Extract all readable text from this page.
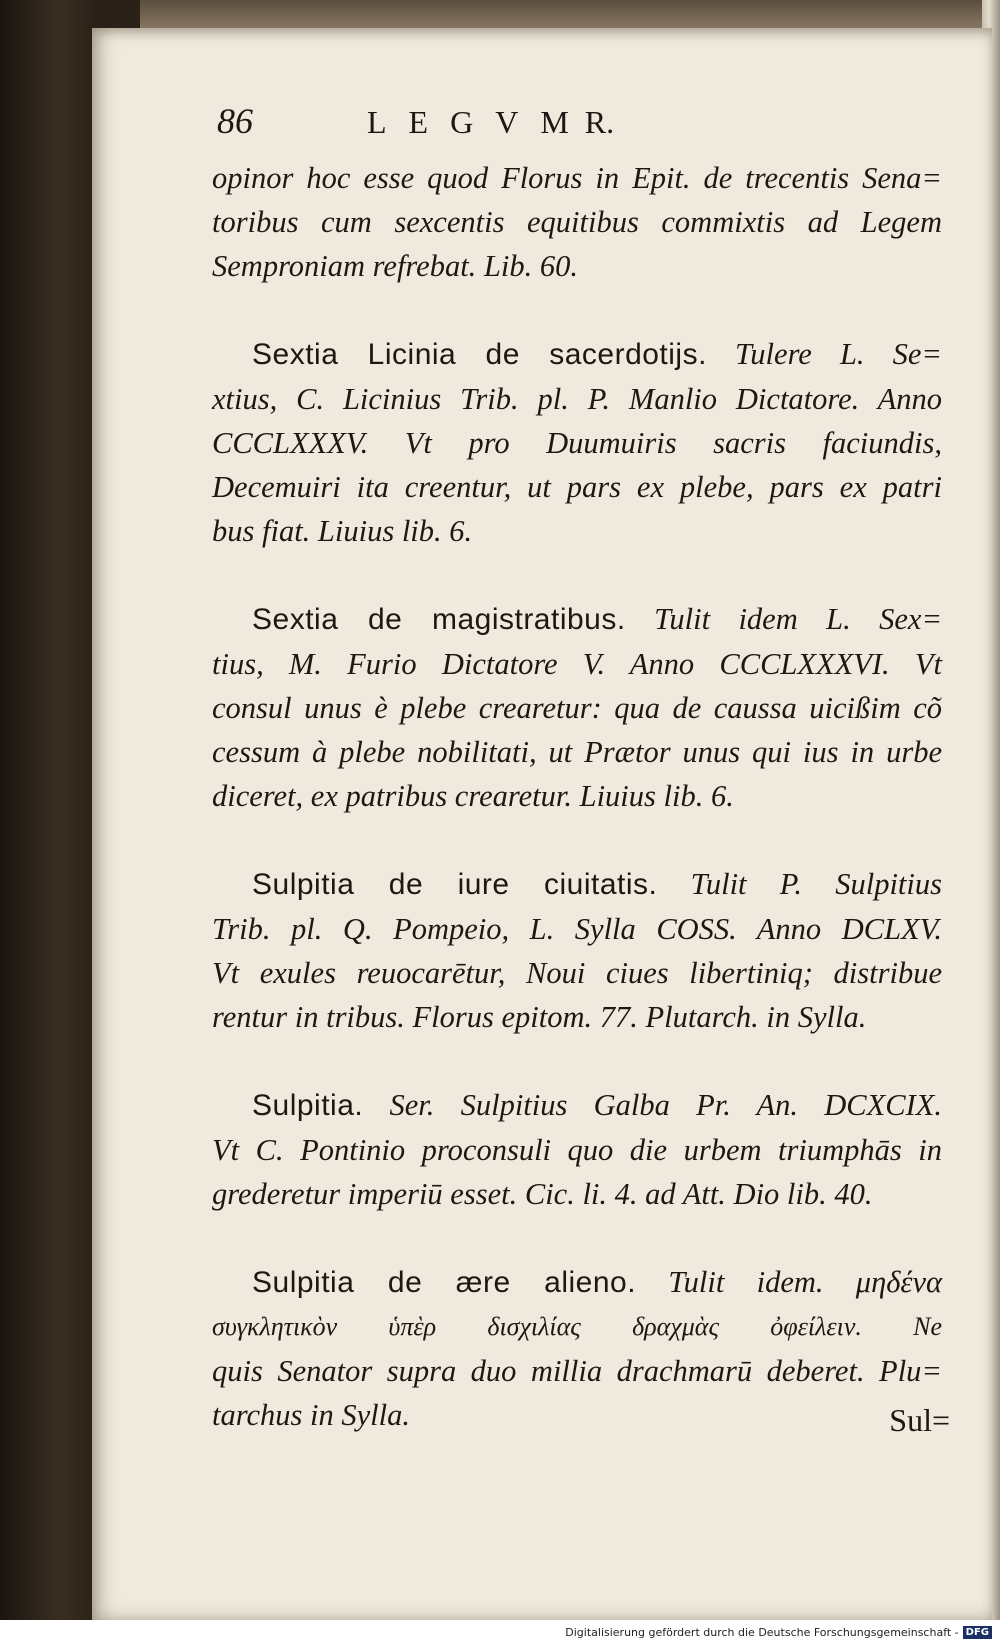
86	LEGVM
R.

opinor hoc esse quod Florus in Epit. de trecentis Sena=
toribus cum sexcentis equitibus commixtis ad Legem
Semproniam refrebat. Lib. 60.

Sextia Licinia de sacerdotijs. Tulere L. Se=
xtius, C. Licinius Trib. pl. P. Manlio Dictatore. Anno
CCCLXXXV. Vt pro Duumuiris sacris faciundis,
Decemuiri ita creentur, ut pars ex plebe, pars ex patri
bus fiat. Liuius lib. 6.

Sextia de magistratibus. Tulit idem L. Sex=
tius, M. Furio Dictatore V. Anno CCCLXXXVI. Vt
consul unus è plebe crearetur: qua de caussa uicißim cõ
cessum à plebe nobilitati, ut Prætor unus qui ius in urbe
diceret, ex patribus crearetur. Liuius lib. 6.

Sulpitia de iure ciuitatis. Tulit P. Sulpitius
Trib. pl. Q. Pompeio, L. Sylla COSS. Anno DCLXV.
Vt exules reuocarētur, Noui ciues libertiniq; distribue
rentur in tribus. Florus epitom. 77. Plutarch. in Sylla.

Sulpitia. Ser. Sulpitius Galba Pr. An. DCXCIX.
Vt C. Pontinio proconsuli quo die urbem triumphās in
grederetur imperiū esset. Cic. li. 4. ad Att. Dio lib. 40.

Sulpitia de ære alieno. Tulit idem. μηδένα
συγκλητικὸν ὑπὲρ δισχιλίας δραχμὰς ὀφείλειν. Ne
quis Senator supra duo millia drachmarū deberet. Plu=
tarchus in Sylla.	Sul=
Digitalisierung gefördert durch die Deutsche Forschungsgemeinschaft - DFG
